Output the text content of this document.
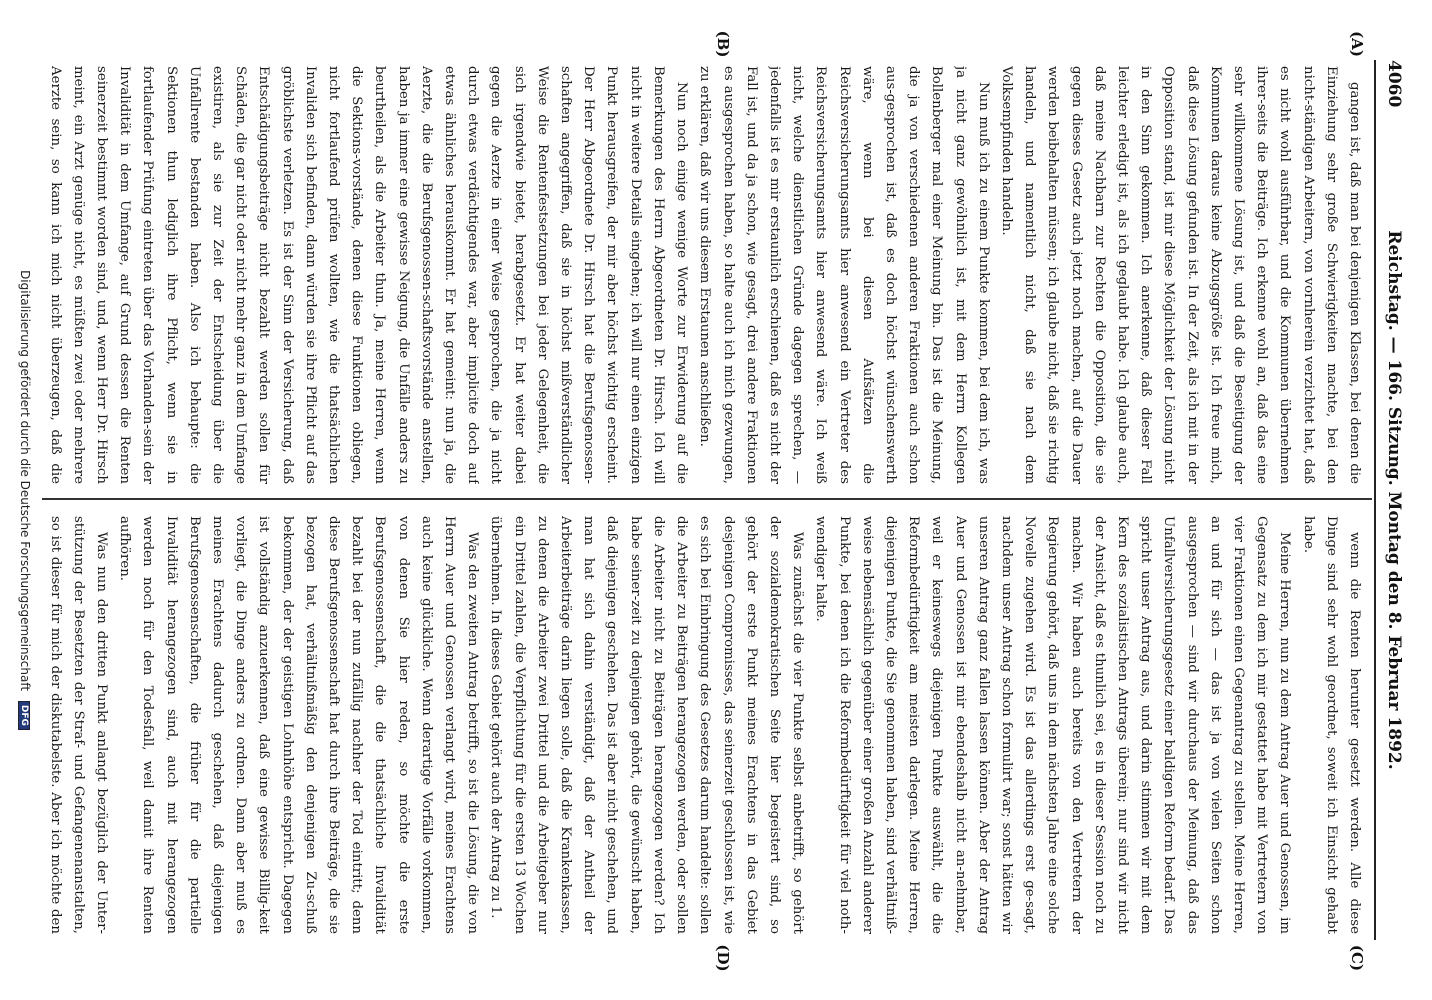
4060
Reichstag. — 166. Sitzung. Montag den 8. Februar 1892.
(A)
(B)
(C)
(D)

gangen ist, daß man bei denjenigen Klassen, bei denen die Einziehung sehr große Schwierigkeiten machte, bei den nicht-ständigen Arbeitern, von vornherein verzichtet hat, daß es nicht wohl ausführbar, und die Kommunen übernehmen ihrer-seits die Beiträge. Ich erkenne wohl an, daß das eine sehr willkommene Lösung ist, und daß die Beseitigung der Kommunen daraus keine Abzugsgröße ist. Ich freue mich, daß diese Lösung gefunden ist. In der Zeit, als ich mit in der Opposition stand, ist mir diese Möglichkeit der Lösung nicht in den Sinn gekommen. Ich anerkenne, daß dieser Fall leichter erledigt ist, als ich geglaubt habe. Ich glaube auch, daß meine Nachbarn zur Rechten die Opposition, die sie gegen dieses Gesetz auch jetzt noch machen, auf die Dauer werden beibehalten müssen; ich glaube nicht, daß sie richtig handeln, und namentlich nicht, daß sie nach dem Volksempfinden handeln.

Nun muß ich zu einem Punkte kommen, bei dem ich, was ja nicht ganz gewöhnlich ist, mit dem Herrn Kollegen Bollenberger mal einer Meinung bin. Das ist die Meinung, die ja von verschiedenen anderen Fraktionen auch schon aus-gesprochen ist, daß es doch höchst wünschenswerth wäre, wenn bei diesen Aufsätzen die Reichsversicherungsamts hier anwesend ein Vertreter des Reichsversicherungsamts hier anwesend wäre. Ich weiß nicht, welche dienstlichen Gründe dagegen sprechen, — jedenfalls ist es mir erstaunlich erschienen, daß es nicht der Fall ist, und da ja schon, wie gesagt, drei andere Fraktionen es ausgesprochen haben, so halte auch ich mich gezwungen, zu erklären, daß wir uns diesem Erstaunen anschließen.

Nun noch einige wenige Worte zur Erwiderung auf die Bemerkungen des Herrn Abgeordneten Dr. Hirsch. Ich will nicht in weitere Details eingehen; ich will nur einen einzigen Punkt herausgreifen, der mir aber höchst wichtig erscheint. Der Herr Abgeordnete Dr. Hirsch hat die Berufsgenossen-schaften angegriffen, daß sie in höchst mißverständlicher Weise die Rentenfestsetzungen bei jeder Gelegenheit, die sich irgendwie bietet, herabgesetzt. Er hat weiter dabei gegen die Aerzte in einer Weise gesprochen, die ja nicht durch etwas verdächtigendes war, aber implicite doch auf etwas ähnliches herauskommt. Er hat gemeint: nun ja, die Aerzte, die die Berufsgenossen-schaftsvorstände anstellen, haben ja immer eine gewisse Neigung, die Unfälle anders zu beurtheilen, als die Arbeiter thun. Ja, meine Herren, wenn die Sektions-vorstände, denen diese Funktionen obliegen, nicht fortlaufend prüfen wollten, wie die thatsächlichen Invaliden sich befinden, dann würden sie ihre Pflicht auf das gröblichste verletzen. Es ist der Sinn der Versicherung, daß Entschädigungsbeiträge nicht bezahlt werden sollen für Schäden, die gar nicht oder nicht mehr ganz in dem Umfange existiren, als sie zur Zeit der Entscheidung über die Unfallrente bestanden haben. Also ich behaupte: die Sektionen thun lediglich ihre Pflicht, wenn sie in fortlaufender Prüfung eintreten über das Vorhanden-sein der Invalidität in dem Umfange, auf Grund dessen die Renten seinerzeit bestimmt worden sind, und, wenn Herr Dr. Hirsch meint, ein Arzt genüge nicht, es müßten zwei oder mehrere Aerzte sein, so kann ich mich nicht überzeugen, daß die

wenn die Renten herunter gesetzt werden. Alle diese Dinge sind sehr wohl geordnet, soweit ich Einsicht gehabt habe.

Meine Herren, nun zu dem Antrag Auer und Genossen, im Gegensatz zu dem ich mir gestattet habe mit Vertretern von vier Fraktionen einen Gegenantrag zu stellen. Meine Herren, an und für sich — das ist ja von vielen Seiten schon ausgesprochen — sind wir durchaus der Meinung, daß das Unfallversicherungsgesetz einer baldigen Reform bedarf. Das spricht unser Antrag aus, und darin stimmen wir mit dem Kern des sozialistischen Antrags überein; nur sind wir nicht der Ansicht, daß es thunlich sei, es in dieser Session noch zu machen. Wir haben auch bereits von den Vertretern der Regierung gehört, daß uns in dem nächsten Jahre eine solche Novelle zugehen wird. Es ist das allerdings erst ge-sagt, nachdem unser Antrag schon formulirt war; sonst hätten wir unseren Antrag ganz fallen lassen können. Aber der Antrag Auer und Genossen ist mir ebendeshalb nicht an-nehmbar, weil er keineswegs diejenigen Punkte auswählt, die die Reformbedürftigkeit am meisten darlegen. Meine Herren, diejenigen Punkte, die Sie genommen haben, sind verhältniß-weise nebensächlich gegenüber einer großen Anzahl anderer Punkte, bei denen ich die Reformbedürftigkeit für viel noth-wendiger halte.

Was zunächst die vier Punkte selbst anbetrifft, so gehört der sozialdemokratischen Seite hier begeistert sind, so gehört der erste Punkt meines Erachtens in das Gebiet desjenigen Compromisses, das seinerzeit geschlossen ist, wie es sich bei Einbringung des Gesetzes darum handelte: sollen die Arbeiter zu Beiträgen herangezogen werden, oder sollen die Arbeiter nicht zu Beiträgen herangezogen werden? Ich habe seiner-zeit zu denjenigen gehört, die gewünscht haben, daß diejenigen geschehen. Das ist aber nicht geschehen, und man hat sich dahin verständigt, daß der Antheil der Arbeiterbeiträge darin liegen solle, daß die Krankenkassen, zu denen die Arbeiter zwei Drittel und die Arbeitgeber nur ein Drittel zahlen, die Verpflichtung für die ersten 13 Wochen übernehmen. In dieses Gebiet gehört auch der Antrag zu 1.

Was den zweiten Antrag betrifft, so ist die Lösung, die von Herrn Auer und Genossen verlangt wird, meines Erachtens auch keine glückliche. Wenn derartige Vorfälle vorkommen, von denen Sie hier reden, so möchte die erste Berufsgenossenschaft, die die thatsächliche Invalidität bezahlt bei der nun zufällig nachher der Tod eintritt; denn diese Berufsgenossenschaft hat durch ihre Beiträge, die sie bezogen hat, verhältnißmäßig den denjenigen Zu-schuß bekommen, der der geistigen Lohnhöhe entspricht. Dagegen ist vollständig anzuerkennen, daß eine gewisse Billig-keit vorliegt, die Dinge anders zu ordnen. Dann aber muß es meines Erachtens dadurch geschehen, daß diejenigen Berufsgenossenschaften, die früher für die partielle Invalidität herangezogen sind, auch mit herangezogen werden noch für den Todesfall, weil damit ihre Renten aufhören.

Was nun den dritten Punkt anlangt bezüglich der Unter-stützung der Besetzten der Straf- und Gefangenenanstalten, so ist dieser für mich der diskutabelste. Aber ich möchte den

Digitalisierung gefördert durch die Deutsche Forschungsgemeinschaft DFG
